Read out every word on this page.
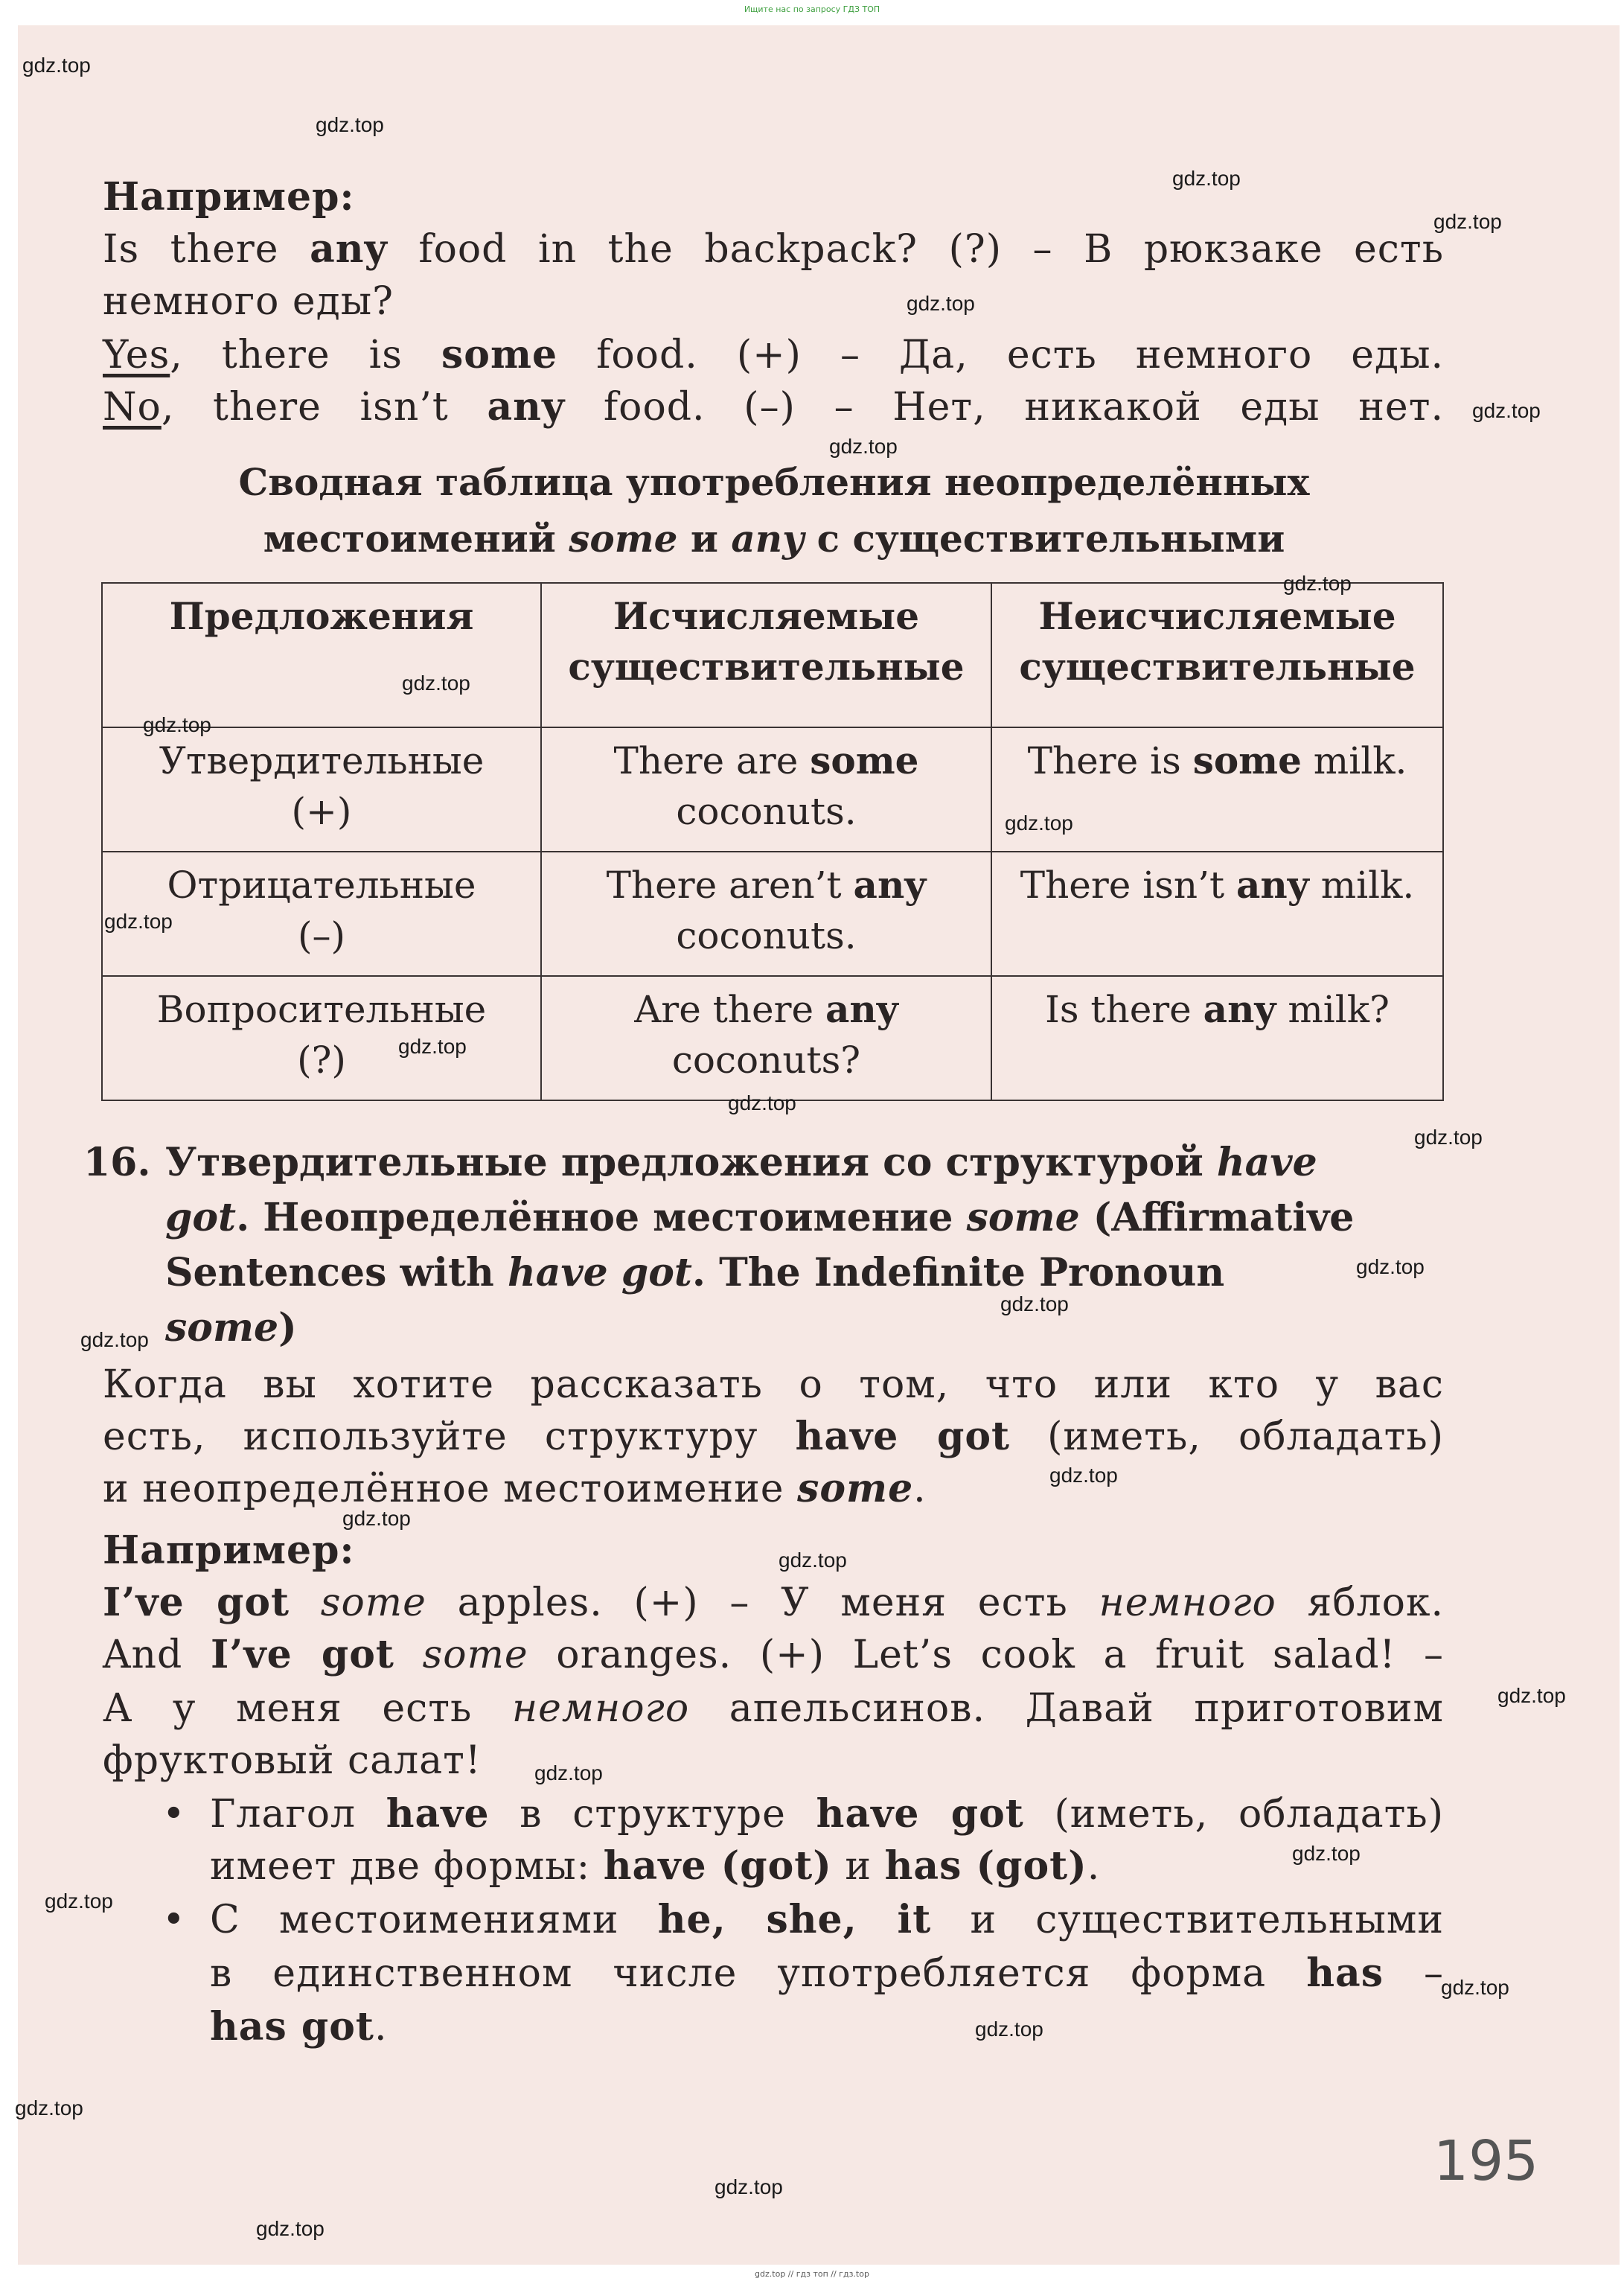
Ищите нас по запросу ГДЗ ТОП
Например:
Is there any food in the backpack? (?) – В рюкзаке есть
немного еды?
Yes, there is some food. (+) – Да, есть немного еды.
No, there isn’t any food. (–) – Нет, никакой еды нет.
Сводная таблица употребления неопределённых
местоимений some и any с существительными
Предложения	Исчисляемые существительные	Неисчисляемые существительные
Утвердительные
(+)	There are some coconuts.	There is some milk.
Отрицательные
(–)	There aren’t any coconuts.	There isn’t any milk.
Вопросительные
(?)	Are there any coconuts?	Is there any milk?
16. Утвердительные предложения со структурой have
got. Неопределённое местоимение some (Affirmative
Sentences with have got. The Indefinite Pronoun
some)
Когда вы хотите рассказать о том, что или кто у вас
есть, используйте структуру have got (иметь, обладать)
и неопределённое местоимение some.
Например:
I’ve got some apples. (+) – У меня есть немного яблок.
And I’ve got some oranges. (+) Let’s cook a fruit salad! –
А у меня есть немного апельсинов. Давай приготовим
фруктовый салат!
• Глагол have в структуре have got (иметь, обладать)
имеет две формы: have (got) и has (got).
• С местоимениями he, she, it и существительными
в единственном числе употребляется форма has –
has got.
195
gdz.top
gdz.top
gdz.top
gdz.top
gdz.top
gdz.top
gdz.top
gdz.top
gdz.top
gdz.top
gdz.top
gdz.top
gdz.top
gdz.top
gdz.top
gdz.top
gdz.top
gdz.top
gdz.top
gdz.top
gdz.top
gdz.top
gdz.top
gdz.top
gdz.top
gdz.top
gdz.top
gdz.top
gdz.top
gdz.top
gdz.top // гдз топ // гдз.top
